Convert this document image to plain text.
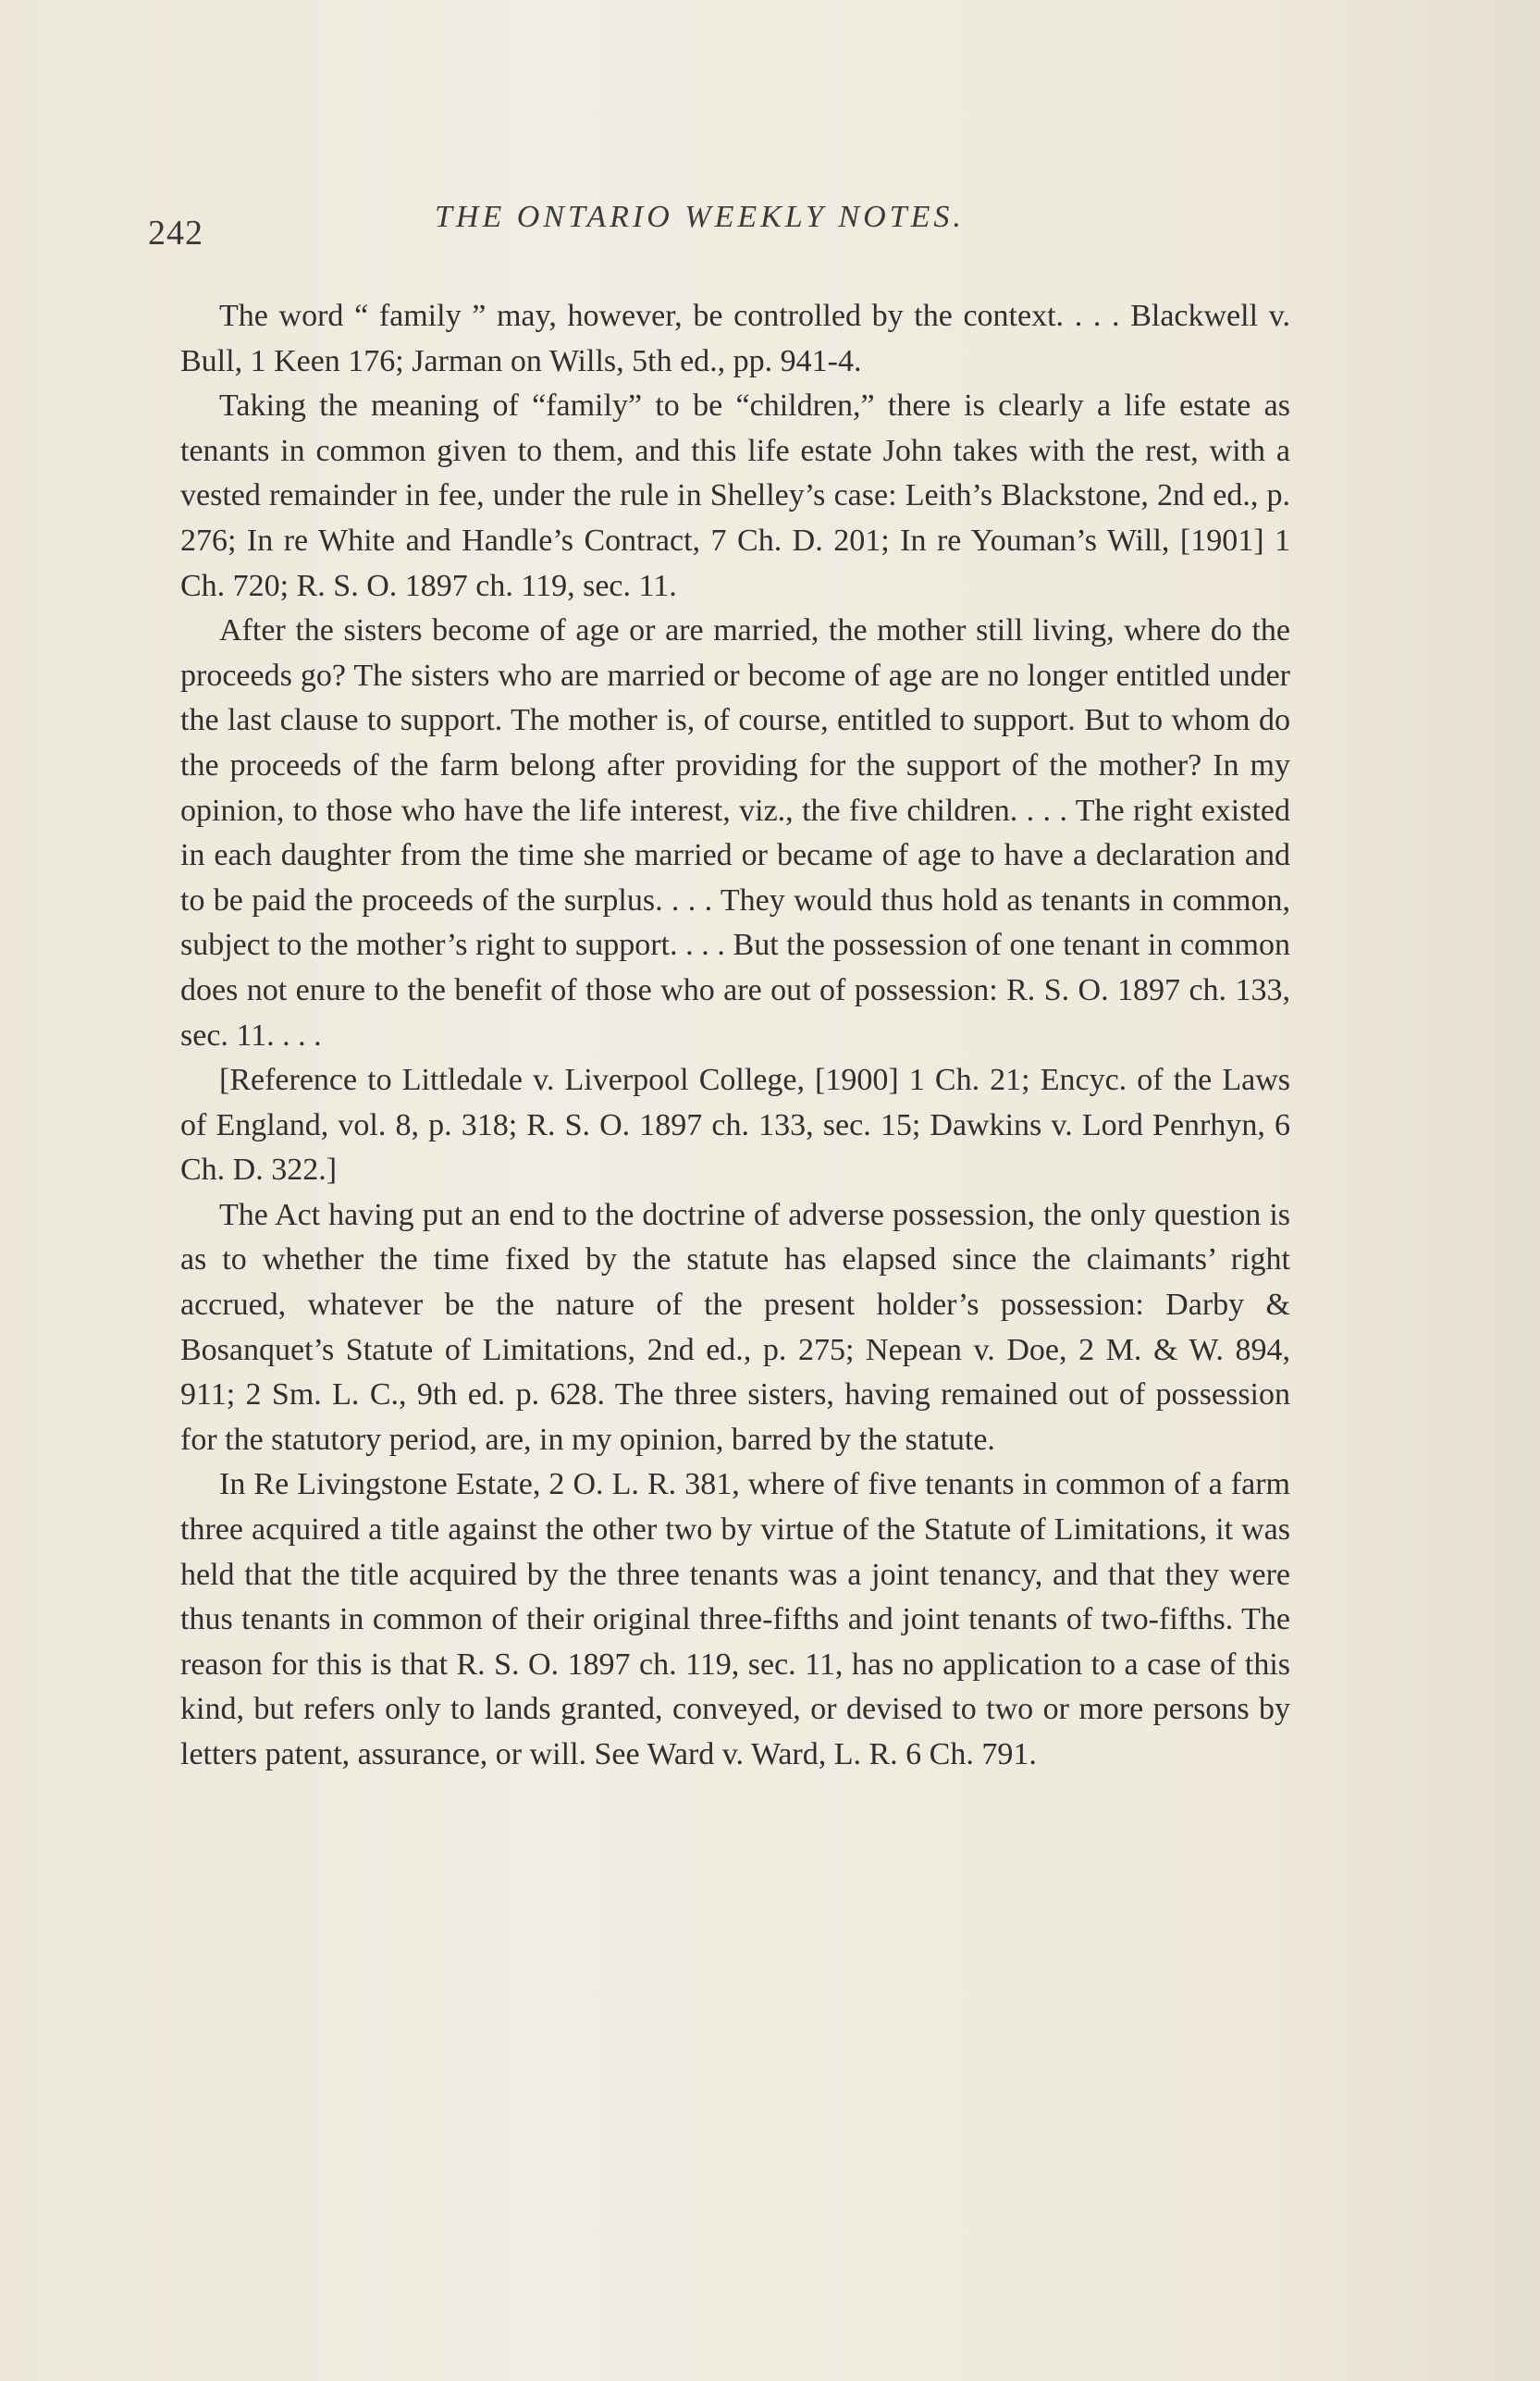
242	THE ONTARIO WEEKLY NOTES.

The word “ family ” may, however, be controlled by the context. . . . Blackwell v. Bull, 1 Keen 176; Jarman on Wills, 5th ed., pp. 941-4.

Taking the meaning of “family” to be “children,” there is clearly a life estate as tenants in common given to them, and this life estate John takes with the rest, with a vested remainder in fee, under the rule in Shelley’s case: Leith’s Blackstone, 2nd ed., p. 276; In re White and Handle’s Contract, 7 Ch. D. 201; In re Youman’s Will, [1901] 1 Ch. 720; R. S. O. 1897 ch. 119, sec. 11.

After the sisters become of age or are married, the mother still living, where do the proceeds go? The sisters who are married or become of age are no longer entitled under the last clause to support. The mother is, of course, entitled to support. But to whom do the proceeds of the farm belong after providing for the support of the mother? In my opinion, to those who have the life interest, viz., the five children. . . . The right existed in each daughter from the time she married or became of age to have a declaration and to be paid the proceeds of the surplus. . . . They would thus hold as tenants in common, subject to the mother’s right to support. . . . But the possession of one tenant in common does not enure to the benefit of those who are out of possession: R. S. O. 1897 ch. 133, sec. 11. . . .

[Reference to Littledale v. Liverpool College, [1900] 1 Ch. 21; Encyc. of the Laws of England, vol. 8, p. 318; R. S. O. 1897 ch. 133, sec. 15; Dawkins v. Lord Penrhyn, 6 Ch. D. 322.]

The Act having put an end to the doctrine of adverse possession, the only question is as to whether the time fixed by the statute has elapsed since the claimants’ right accrued, whatever be the nature of the present holder’s possession: Darby & Bosanquet’s Statute of Limitations, 2nd ed., p. 275; Nepean v. Doe, 2 M. & W. 894, 911; 2 Sm. L. C., 9th ed. p. 628. The three sisters, having remained out of possession for the statutory period, are, in my opinion, barred by the statute.

In Re Livingstone Estate, 2 O. L. R. 381, where of five tenants in common of a farm three acquired a title against the other two by virtue of the Statute of Limitations, it was held that the title acquired by the three tenants was a joint tenancy, and that they were thus tenants in common of their original three-fifths and joint tenants of two-fifths. The reason for this is that R. S. O. 1897 ch. 119, sec. 11, has no application to a case of this kind, but refers only to lands granted, conveyed, or devised to two or more persons by letters patent, assurance, or will. See Ward v. Ward, L. R. 6 Ch. 791.
